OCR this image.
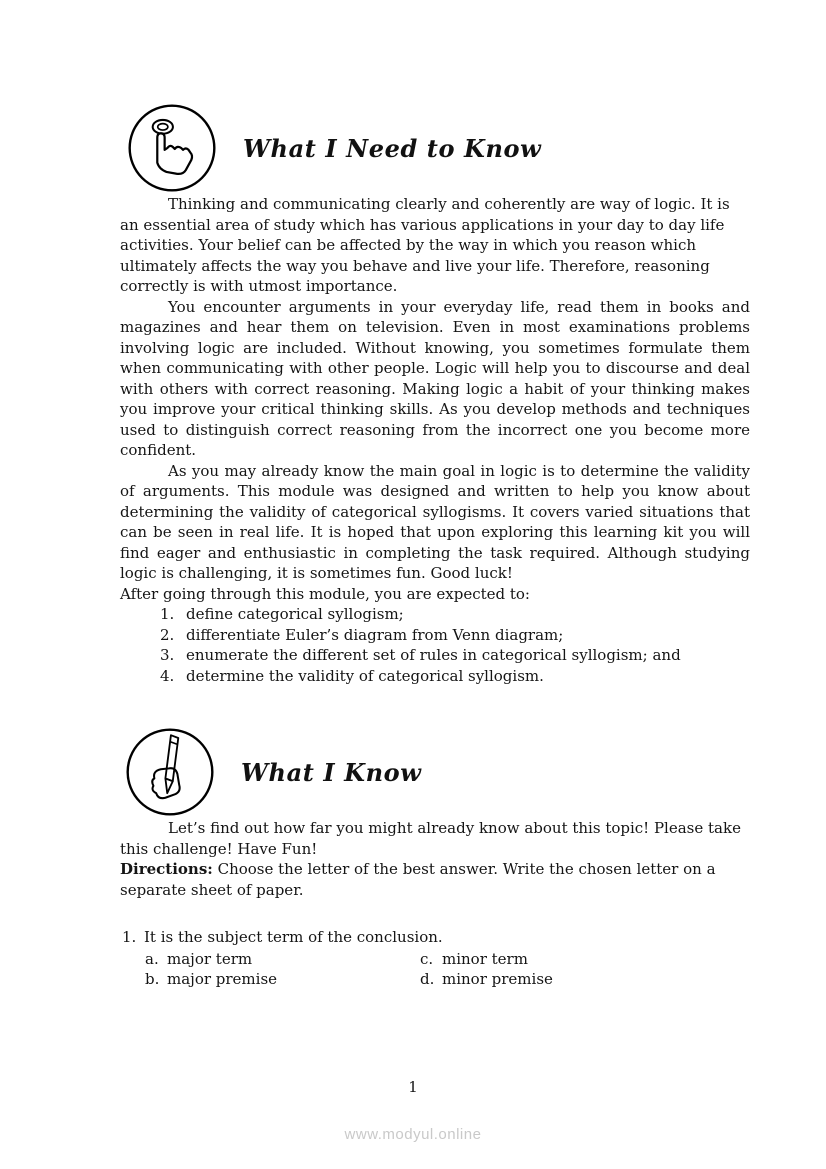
What I Need to Know

Thinking and communicating clearly and coherently are way of logic. It is an essential area of study which has various applications in your day to day life activities. Your belief can be affected by the way in which you reason which ultimately affects the way you behave and live your life. Therefore, reasoning correctly is with utmost importance.

You encounter arguments in your everyday life, read them in books and magazines and hear them on television. Even in most examinations problems involving logic are included. Without knowing, you sometimes formulate them when communicating with other people. Logic will help you to discourse and deal with others with correct reasoning. Making logic a habit of your thinking makes you improve your critical thinking skills. As you develop methods and techniques used to distinguish correct reasoning from the incorrect one you become more confident.

As you may already know the main goal in logic is to determine the validity of arguments. This module was designed and written to help you know about determining the validity of categorical syllogisms. It covers varied situations that can be seen in real life. It is hoped that upon exploring this learning kit you will find eager and enthusiastic in completing the task required. Although studying logic is challenging, it is sometimes fun. Good luck!

After going through this module, you are expected to:

1. define categorical syllogism;
2. differentiate Euler’s diagram from Venn diagram;
3. enumerate the different set of rules in categorical syllogism; and
4. determine the validity of categorical syllogism.
What I Know

Let’s find out how far you might already know about this topic! Please take this challenge! Have Fun!

Directions: Choose the letter of the best answer. Write the chosen letter on a separate sheet of paper.

1. It is the subject term of the conclusion.
a. major term	c. minor term
b. major premise	d. minor premise
1
www.modyul.online
